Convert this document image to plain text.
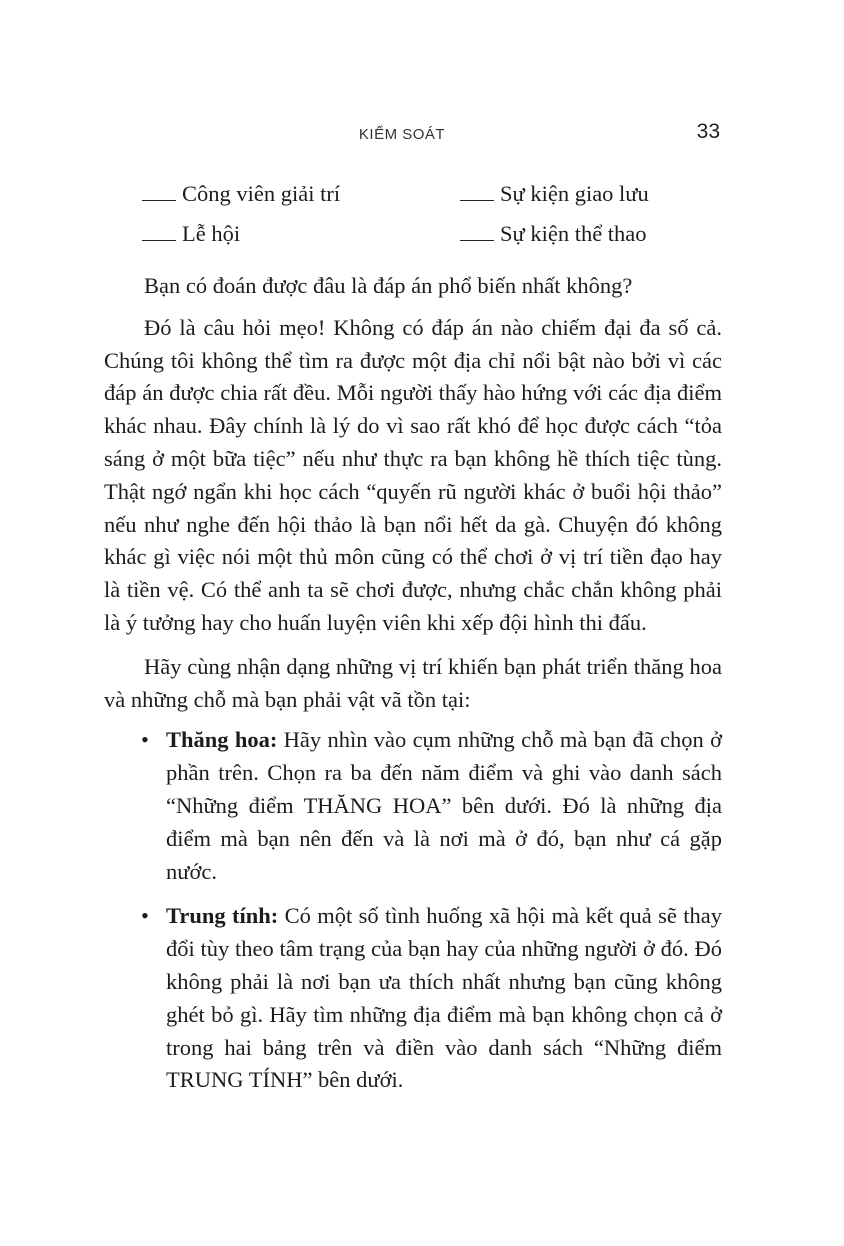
KIỂM SOÁT	33
Công viên giải trí	Sự kiện giao lưu
Lễ hội	Sự kiện thể thao

Bạn có đoán được đâu là đáp án phổ biến nhất không?

Đó là câu hỏi mẹo! Không có đáp án nào chiếm đại đa số cả. Chúng tôi không thể tìm ra được một địa chỉ nổi bật nào bởi vì các đáp án được chia rất đều. Mỗi người thấy hào hứng với các địa điểm khác nhau. Đây chính là lý do vì sao rất khó để học được cách “tỏa sáng ở một bữa tiệc” nếu như thực ra bạn không hề thích tiệc tùng. Thật ngớ ngẩn khi học cách “quyến rũ người khác ở buổi hội thảo” nếu như nghe đến hội thảo là bạn nổi hết da gà. Chuyện đó không khác gì việc nói một thủ môn cũng có thể chơi ở vị trí tiền đạo hay là tiền vệ. Có thể anh ta sẽ chơi được, nhưng chắc chắn không phải là ý tưởng hay cho huấn luyện viên khi xếp đội hình thi đấu.

Hãy cùng nhận dạng những vị trí khiến bạn phát triển thăng hoa và những chỗ mà bạn phải vật vã tồn tại:

• Thăng hoa: Hãy nhìn vào cụm những chỗ mà bạn đã chọn ở phần trên. Chọn ra ba đến năm điểm và ghi vào danh sách “Những điểm THĂNG HOA” bên dưới. Đó là những địa điểm mà bạn nên đến và là nơi mà ở đó, bạn như cá gặp nước.
• Trung tính: Có một số tình huống xã hội mà kết quả sẽ thay đổi tùy theo tâm trạng của bạn hay của những người ở đó. Đó không phải là nơi bạn ưa thích nhất nhưng bạn cũng không ghét bỏ gì. Hãy tìm những địa điểm mà bạn không chọn cả ở trong hai bảng trên và điền vào danh sách “Những điểm TRUNG TÍNH” bên dưới.
